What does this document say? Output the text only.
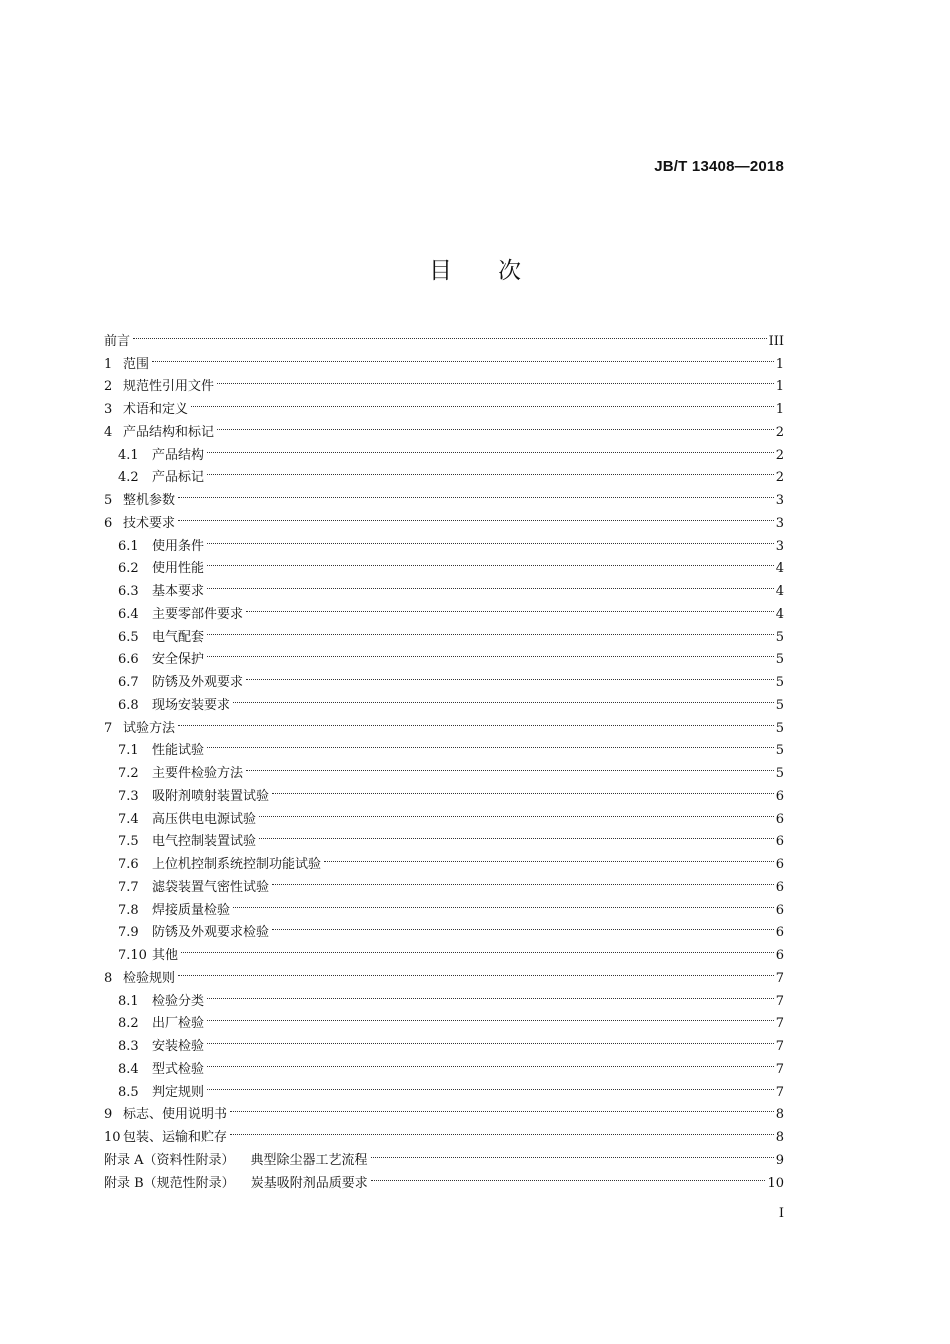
JB/T 13408—2018
目次
前言	III
1 范围	1
2 规范性引用文件	1
3 术语和定义	1
4 产品结构和标记	2
4.1	产品结构	2
4.2	产品标记	2
5 整机参数	3
6 技术要求	3
6.1	使用条件	3
6.2	使用性能	4
6.3	基本要求	4
6.4	主要零部件要求	4
6.5	电气配套	5
6.6	安全保护	5
6.7	防锈及外观要求	5
6.8	现场安装要求	5
7 试验方法	5
7.1	性能试验	5
7.2	主要件检验方法	5
7.3	吸附剂喷射装置试验	6
7.4	高压供电电源试验	6
7.5	电气控制装置试验	6
7.6	上位机控制系统控制功能试验	6
7.7	滤袋装置气密性试验	6
7.8	焊接质量检验	6
7.9	防锈及外观要求检验	6
7.10 其他	6
8 检验规则	7
8.1	检验分类	7
8.2	出厂检验	7
8.3	安装检验	7
8.4	型式检验	7
8.5	判定规则	7
9 标志、使用说明书	8
10 包装、运输和贮存	8
附录 A（资料性附录） 典型除尘器工艺流程	9
附录 B（规范性附录） 炭基吸附剂品质要求	10
I
